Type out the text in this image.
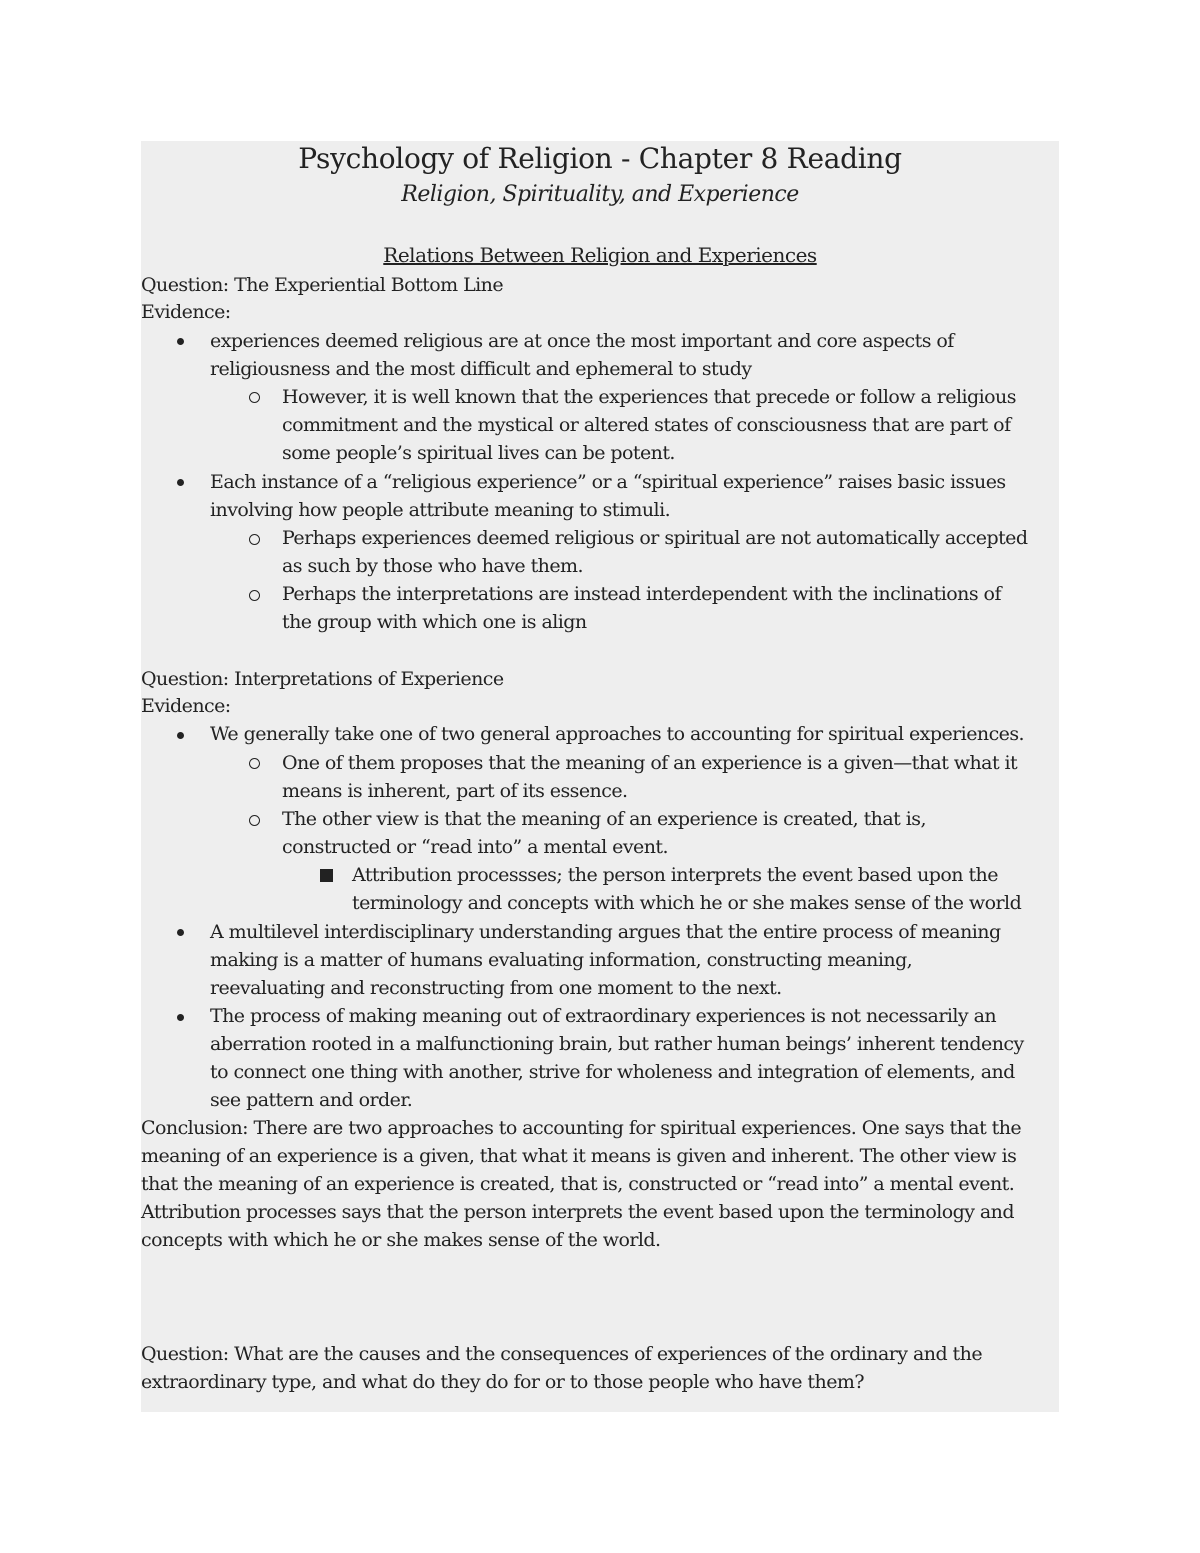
Psychology of Religion - Chapter 8 Reading
Religion, Spirituality, and Experience
Relations Between Religion and Experiences
Question: The Experiential Bottom Line
Evidence:
experiences deemed religious are at once the most important and core aspects of
religiousness and the most difficult and ephemeral to study
However, it is well known that the experiences that precede or follow a religious
commitment and the mystical or altered states of consciousness that are part of
some people’s spiritual lives can be potent.
Each instance of a “religious experience” or a “spiritual experience” raises basic issues
involving how people attribute meaning to stimuli.
Perhaps experiences deemed religious or spiritual are not automatically accepted
as such by those who have them.
Perhaps the interpretations are instead interdependent with the inclinations of
the group with which one is align
Question: Interpretations of Experience
Evidence:
We generally take one of two general approaches to accounting for spiritual experiences.
One of them proposes that the meaning of an experience is a given—that what it
means is inherent, part of its essence.
The other view is that the meaning of an experience is created, that is,
constructed or “read into” a mental event.
Attribution processses; the person interprets the event based upon the
terminology and concepts with which he or she makes sense of the world
A multilevel interdisciplinary understanding argues that the entire process of meaning
making is a matter of humans evaluating information, constructing meaning,
reevaluating and reconstructing from one moment to the next.
The process of making meaning out of extraordinary experiences is not necessarily an
aberration rooted in a malfunctioning brain, but rather human beings’ inherent tendency
to connect one thing with another, strive for wholeness and integration of elements, and
see pattern and order.
Conclusion: There are two approaches to accounting for spiritual experiences. One says that the
meaning of an experience is a given, that what it means is given and inherent. The other view is
that the meaning of an experience is created, that is, constructed or “read into” a mental event.
Attribution processes says that the person interprets the event based upon the terminology and
concepts with which he or she makes sense of the world.
Question: What are the causes and the consequences of experiences of the ordinary and the
extraordinary type, and what do they do for or to those people who have them?
